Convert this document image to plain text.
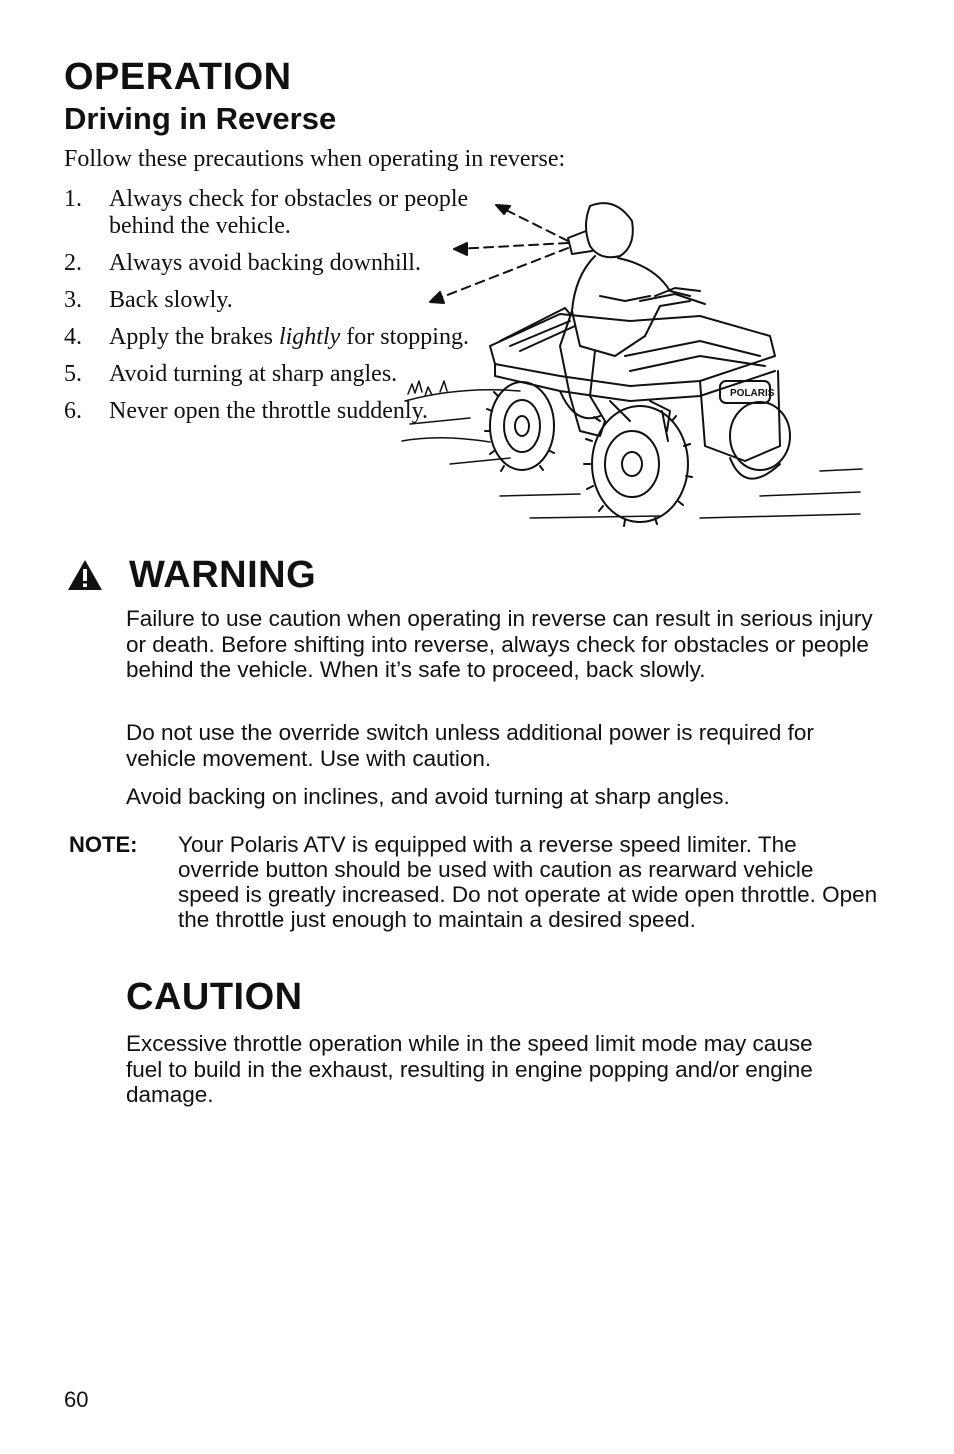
OPERATION
Driving in Reverse

Follow these precautions when operating in reverse:

1. Always check for obstacles or people behind the vehicle.
2. Always avoid backing downhill.
3. Back slowly.
4. Apply the brakes lightly for stopping.
5. Avoid turning at sharp angles.
6. Never open the throttle suddenly.
POLARIS
WARNING

Failure to use caution when operating in reverse can result in serious injury or death. Before shifting into reverse, always check for obstacles or people behind the vehicle. When it’s safe to proceed, back slowly.

Do not use the override switch unless additional power is required for vehicle movement. Use with caution.

Avoid backing on inclines, and avoid turning at sharp angles.

NOTE: Your Polaris ATV is equipped with a reverse speed limiter. The override button should be used with caution as rearward vehicle speed is greatly increased. Do not operate at wide open throttle. Open the throttle just enough to maintain a desired speed.

CAUTION

Excessive throttle operation while in the speed limit mode may cause fuel to build in the exhaust, resulting in engine popping and/or engine damage.

60
